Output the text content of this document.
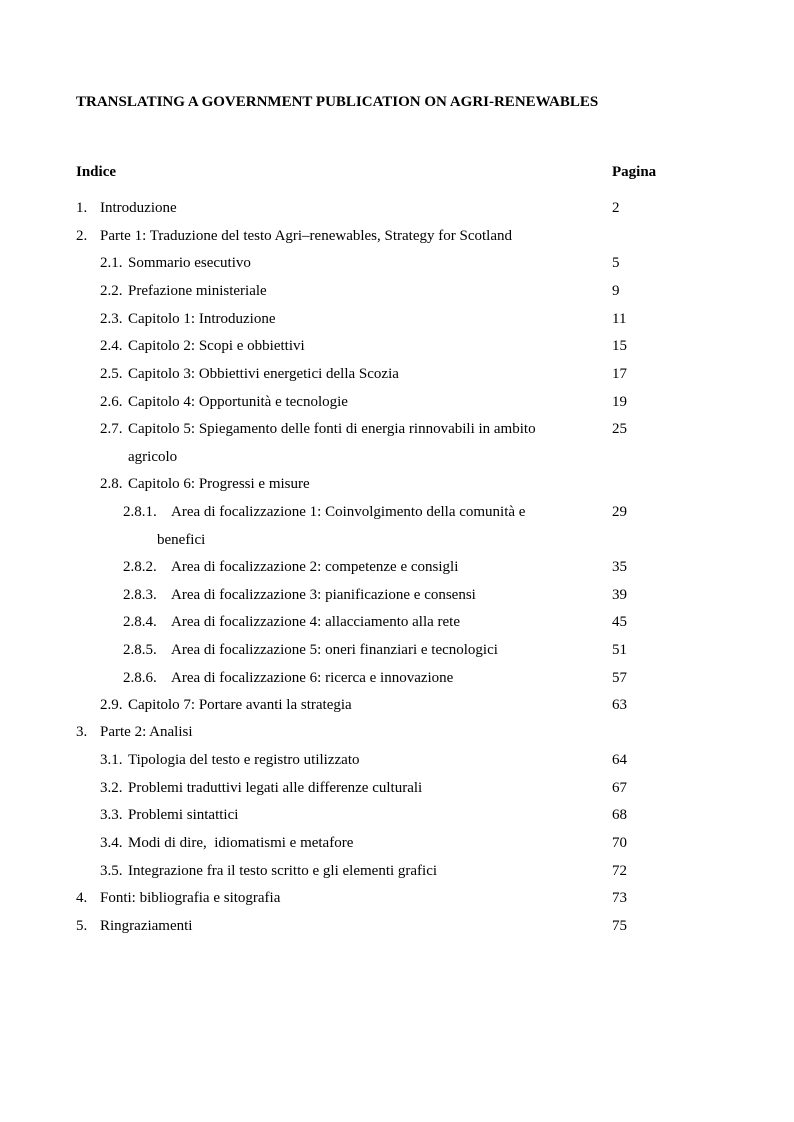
TRANSLATING A GOVERNMENT PUBLICATION ON AGRI-RENEWABLES
Indice	Pagina
1. Introduzione	2
2. Parte 1: Traduzione del testo Agri–renewables, Strategy for Scotland
2.1. Sommario esecutivo	5
2.2. Prefazione ministeriale	9
2.3. Capitolo 1: Introduzione	11
2.4. Capitolo 2: Scopi e obbiettivi	15
2.5. Capitolo 3: Obbiettivi energetici della Scozia	17
2.6. Capitolo 4: Opportunità e tecnologie	19
2.7. Capitolo 5: Spiegamento delle fonti di energia rinnovabili in ambito	25
agricolo
2.8. Capitolo 6: Progressi e misure
2.8.1. Area di focalizzazione 1: Coinvolgimento della comunità e	29
benefici
2.8.2. Area di focalizzazione 2: competenze e consigli	35
2.8.3. Area di focalizzazione 3: pianificazione e consensi	39
2.8.4. Area di focalizzazione 4: allacciamento alla rete	45
2.8.5. Area di focalizzazione 5: oneri finanziari e tecnologici	51
2.8.6. Area di focalizzazione 6: ricerca e innovazione	57
2.9. Capitolo 7: Portare avanti la strategia	63
3. Parte 2: Analisi
3.1. Tipologia del testo e registro utilizzato	64
3.2. Problemi traduttivi legati alle differenze culturali	67
3.3. Problemi sintattici	68
3.4. Modi di dire,  idiomatismi e metafore	70
3.5. Integrazione fra il testo scritto e gli elementi grafici	72
4. Fonti: bibliografia e sitografia	73
5. Ringraziamenti	75
